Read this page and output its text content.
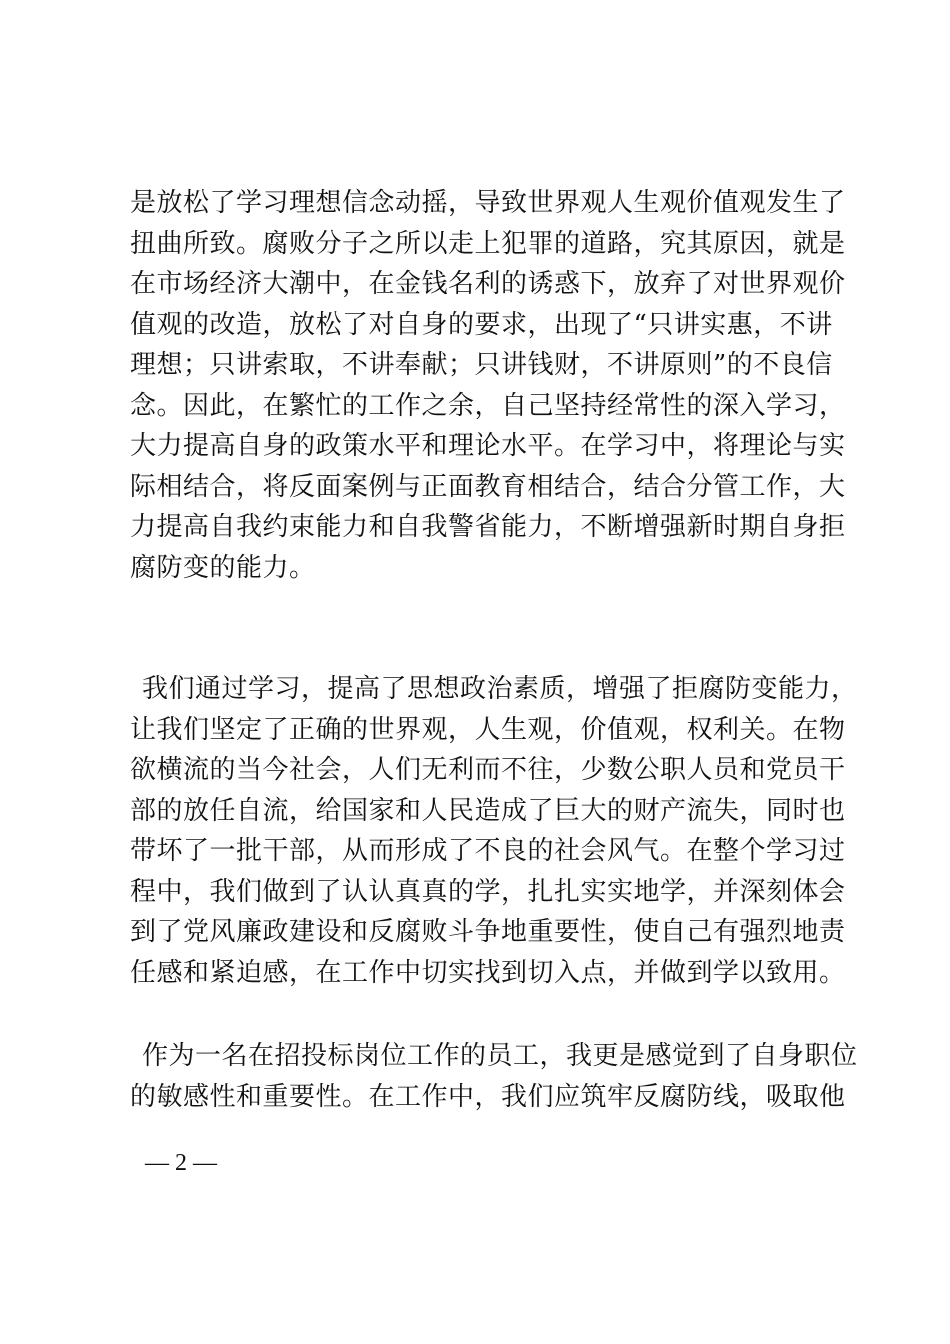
是放松了学习理想信念动摇，导致世界观人生观价值观发生了
扭曲所致。腐败分子之所以走上犯罪的道路，究其原因，就是
在市场经济大潮中，在金钱名利的诱惑下，放弃了对世界观价
值观的改造，放松了对自身的要求，出现了“只讲实惠，不讲
理想；只讲索取，不讲奉献；只讲钱财，不讲原则”的不良信
念。因此，在繁忙的工作之余，自己坚持经常性的深入学习，
大力提高自身的政策水平和理论水平。在学习中，将理论与实
际相结合，将反面案例与正面教育相结合，结合分管工作，大
力提高自我约束能力和自我警省能力，不断增强新时期自身拒
腐防变的能力。
我们通过学习，提高了思想政治素质，增强了拒腐防变能力，
让我们坚定了正确的世界观，人生观，价值观，权利关。在物
欲横流的当今社会，人们无利而不往，少数公职人员和党员干
部的放任自流，给国家和人民造成了巨大的财产流失，同时也
带坏了一批干部，从而形成了不良的社会风气。在整个学习过
程中，我们做到了认认真真的学，扎扎实实地学，并深刻体会
到了党风廉政建设和反腐败斗争地重要性，使自己有强烈地责
任感和紧迫感，在工作中切实找到切入点，并做到学以致用。
作为一名在招投标岗位工作的员工，我更是感觉到了自身职位
的敏感性和重要性。在工作中，我们应筑牢反腐防线，吸取他
— 2 —
